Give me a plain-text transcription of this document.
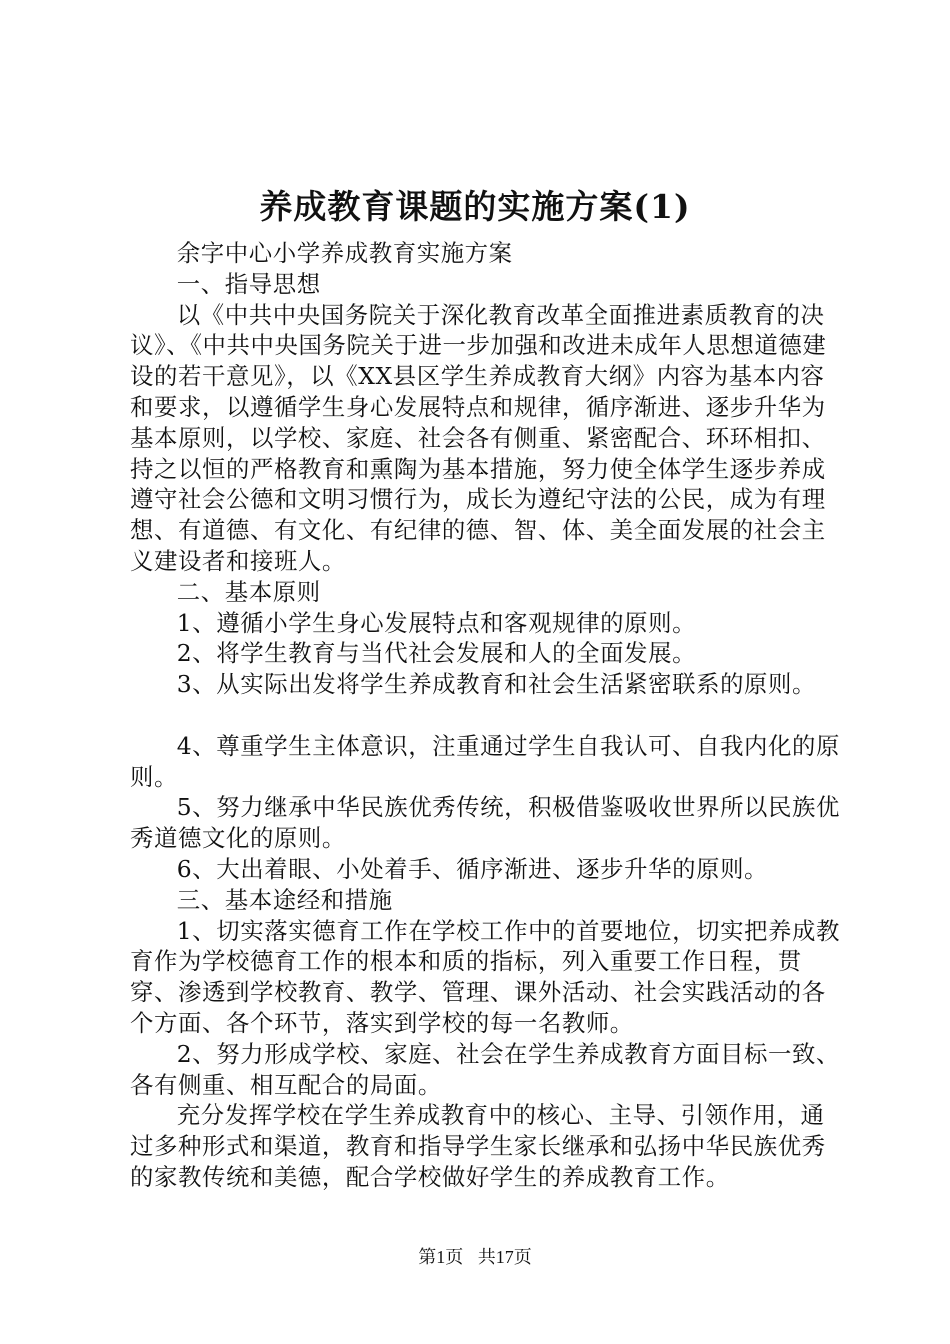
养成教育课题的实施方案(1)

余字中心小学养成教育实施方案

一、指导思想

以《中共中央国务院关于深化教育改革全面推进素质教育的决议》、《中共中央国务院关于进一步加强和改进未成年人思想道德建设的若干意见》，以《XX县区学生养成教育大纲》内容为基本内容和要求，以遵循学生身心发展特点和规律，循序渐进、逐步升华为基本原则，以学校、家庭、社会各有侧重、紧密配合、环环相扣、持之以恒的严格教育和熏陶为基本措施，努力使全体学生逐步养成遵守社会公德和文明习惯行为，成长为遵纪守法的公民，成为有理想、有道德、有文化、有纪律的德、智、体、美全面发展的社会主义建设者和接班人。

二、基本原则

1、遵循小学生身心发展特点和客观规律的原则。

2、将学生教育与当代社会发展和人的全面发展。

3、从实际出发将学生养成教育和社会生活紧密联系的原则。

4、尊重学生主体意识，注重通过学生自我认可、自我内化的原则。

5、努力继承中华民族优秀传统，积极借鉴吸收世界所以民族优秀道德文化的原则。

6、大出着眼、小处着手、循序渐进、逐步升华的原则。

三、基本途经和措施

1、切实落实德育工作在学校工作中的首要地位，切实把养成教育作为学校德育工作的根本和质的指标，列入重要工作日程，贯穿、渗透到学校教育、教学、管理、课外活动、社会实践活动的各个方面、各个环节，落实到学校的每一名教师。

2、努力形成学校、家庭、社会在学生养成教育方面目标一致、各有侧重、相互配合的局面。

充分发挥学校在学生养成教育中的核心、主导、引领作用，通过多种形式和渠道，教育和指导学生家长继承和弘扬中华民族优秀的家教传统和美德，配合学校做好学生的养成教育工作。

第1页 共17页
